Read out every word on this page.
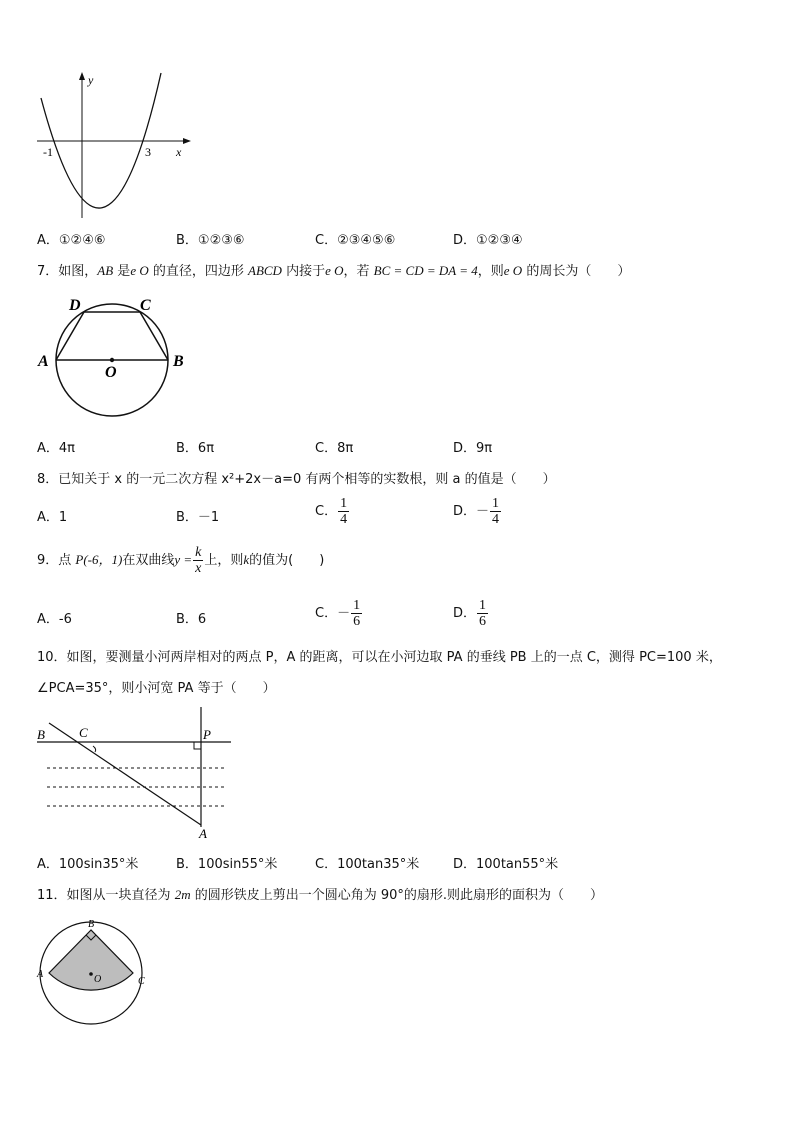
y
x
-1	3
A．①②④⑥	B．①②③⑥	C．②③④⑤⑥	D．①②③④
7．如图，AB 是e O 的直径，四边形 ABCD 内接于e O，若 BC = CD = DA = 4，则e O 的周长为（　　）
D	C
A	B
O
A．4π	B．6π	C．8π	D．9π
8．已知关于 x 的一元二次方程 x²+2x－a=0 有两个相等的实数根，则 a 的值是（　　）
A．1	B．－1	C． $\frac{1}{4}$	D．－ $\frac{1}{4}$
9．点 P(-6，1)在双曲线$y = \frac{k}{x}$ 上，则k的值为(　　)
A．-6	B．6	C．－ $\frac{1}{6}$	D． $\frac{1}{6}$
10．如图，要测量小河两岸相对的两点 P，A 的距离，可以在小河边取 PA 的垂线 PB 上的一点 C，测得 PC=100 米，
∠PCA=35°，则小河宽 PA 等于（　　）
B	C	P
A
A．100sin35°米	B．100sin55°米	C．100tan35°米	D．100tan55°米
11．如图从一块直径为 2m 的圆形铁皮上剪出一个圆心角为 90°的扇形.则此扇形的面积为（　　）
B
A
C
O
